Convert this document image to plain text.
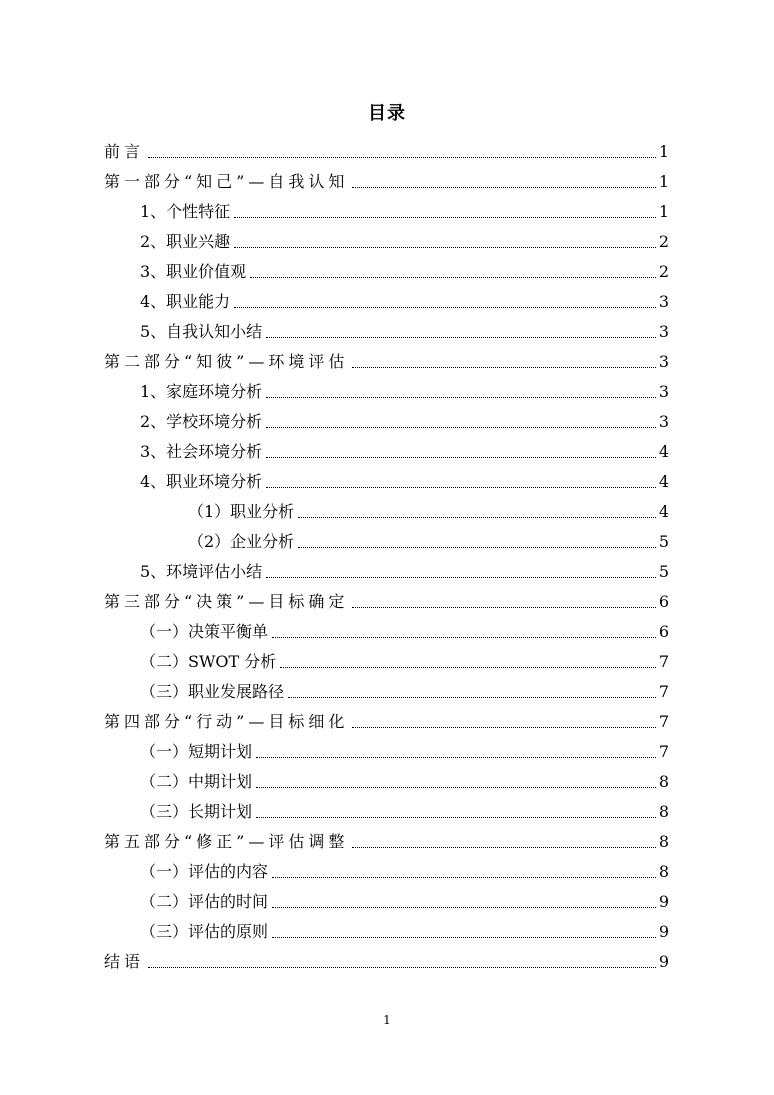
目录
前言	1
第一部分“知己”—自我认知	1
1、个性特征	1
2、职业兴趣	2
3、职业价值观	2
4、职业能力	3
5、自我认知小结	3
第二部分“知彼”—环境评估	3
1、家庭环境分析	3
2、学校环境分析	3
3、社会环境分析	4
4、职业环境分析	4
（1）职业分析	4
（2）企业分析	5
5、环境评估小结	5
第三部分“决策”—目标确定	6
（一）决策平衡单	6
（二）SWOT 分析	7
（三）职业发展路径	7
第四部分“行动”—目标细化	7
（一）短期计划	7
（二）中期计划	8
（三）长期计划	8
第五部分“修正”—评估调整	8
（一）评估的内容	8
（二）评估的时间	9
（三）评估的原则	9
结语	9
1
